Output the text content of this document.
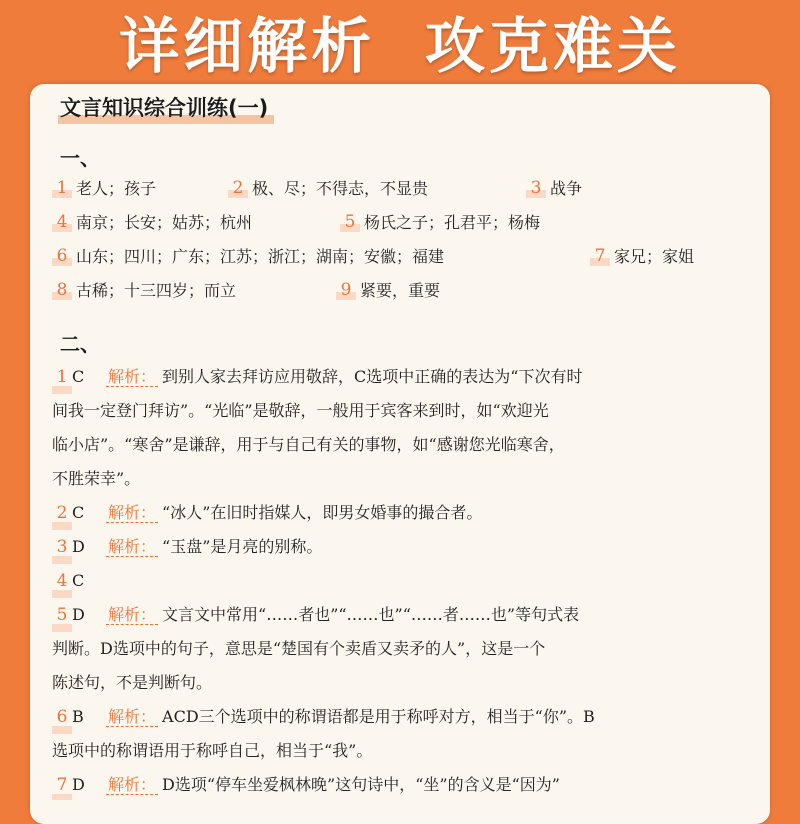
详细解析  攻克难关
文言知识综合训练(一)
一、
1 老人；孩子	2 极、尽；不得志，不显贵	3 战争
4 南京；长安；姑苏；杭州	5 杨氏之子；孔君平；杨梅
6 山东；四川；广东；江苏；浙江；湖南；安徽；福建	7 家兄；家姐
8 古稀；十三四岁；而立	9 紧要，重要
二、
1 C 解析： 到别人家去拜访应用敬辞，C选项中正确的表达为“下次有时
间我一定登门拜访”。“光临”是敬辞，一般用于宾客来到时，如“欢迎光
临小店”。“寒舍”是谦辞，用于与自己有关的事物，如“感谢您光临寒舍，
不胜荣幸”。
2 C 解析： “冰人”在旧时指媒人，即男女婚事的撮合者。
3 D 解析： “玉盘”是月亮的别称。
4 C
5 D 解析： 文言文中常用“……者也”“……也”“……者……也”等句式表
判断。D选项中的句子，意思是“楚国有个卖盾又卖矛的人”，这是一个
陈述句，不是判断句。
6 B 解析： ACD三个选项中的称谓语都是用于称呼对方，相当于“你”。B
选项中的称谓语用于称呼自己，相当于“我”。
7 D 解析： D选项“停车坐爱枫林晚”这句诗中，“坐”的含义是“因为”
